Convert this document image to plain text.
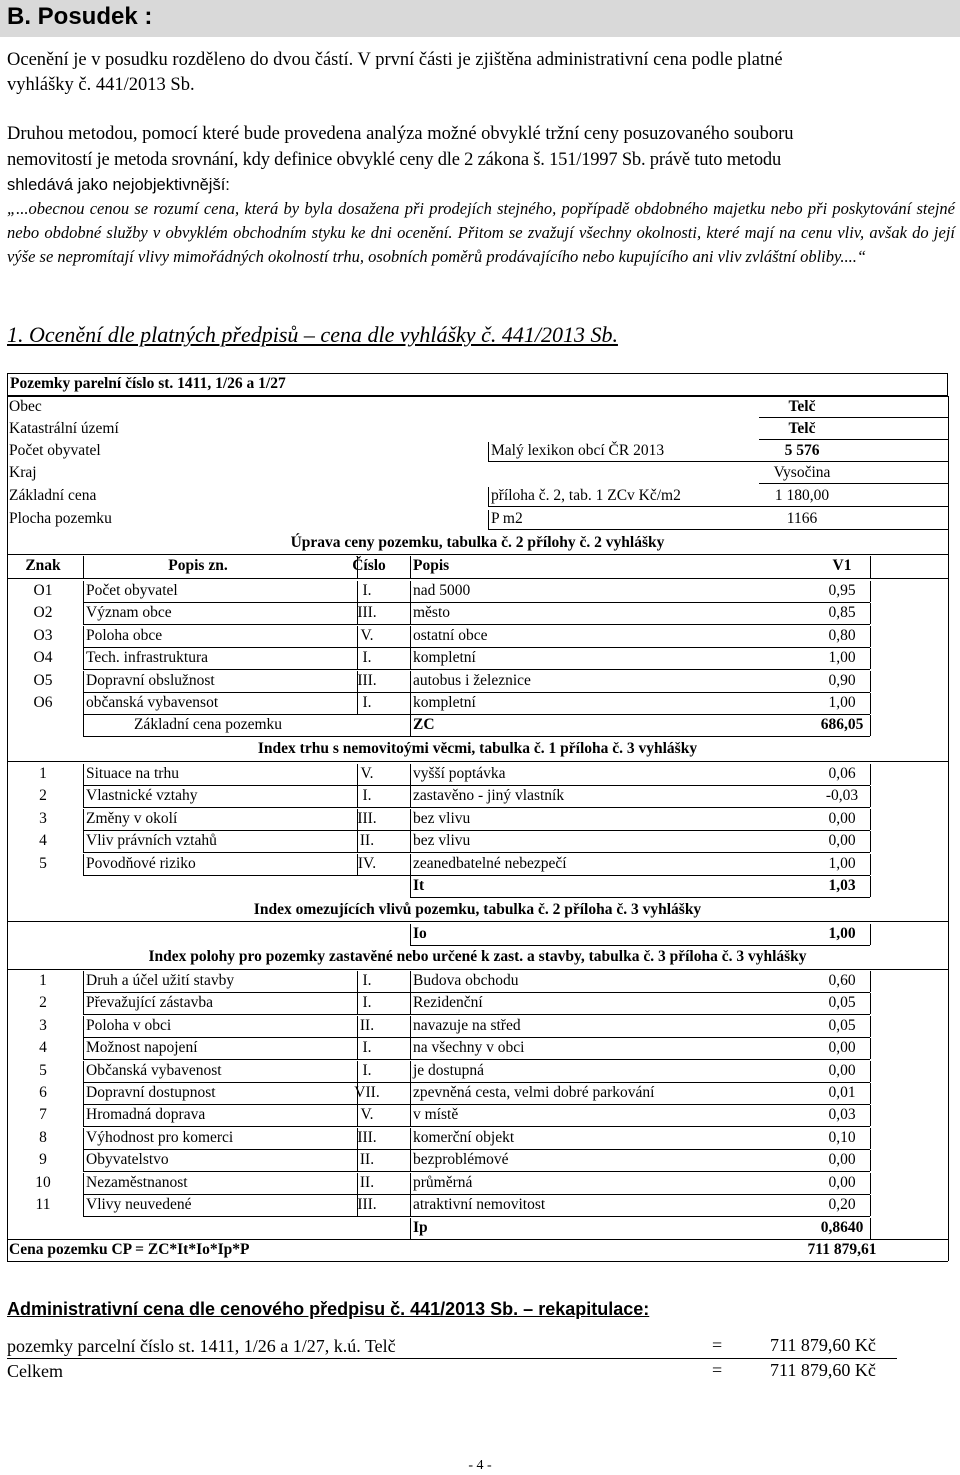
B. Posudek :

Ocenění je v posudku rozděleno do dvou částí. V první části je zjištěna administrativní cena podle platné

vyhlášky č. 441/2013 Sb.

Druhou metodou, pomocí které bude provedena analýza možné obvyklé tržní ceny posuzovaného souboru

nemovitostí je metoda srovnání, kdy definice obvyklé ceny dle 2 zákona š. 151/1997 Sb. právě tuto metodu

shledává jako nejobjektivnější:

„...obecnou cenou se rozumí cena, která by byla dosažena při prodejích stejného, popřípadě obdobného majetku nebo při poskytování stejné nebo obdobné služby v obvyklém obchodním styku ke dni ocenění. Přitom se zvažují všechny okolnosti, které mají na cenu vliv, avšak do její výše se nepromítají vlivy mimořádných okolností trhu, osobních poměrů prodávajícího nebo kupujícího ani vliv zvláštní obliby....“
1. Ocenění dle platných předpisů – cena dle vyhlášky č. 441/2013 Sb.
Pozemky parelní číslo st. 1411, 1/26 a 1/27
Obec	Telč
Katastrální území	Telč
Počet obyvatel	Malý lexikon obcí ČR 2013	5 576
Kraj	Vysočina
Základní cena	příloha č. 2, tab. 1 ZCv Kč/m2	1 180,00
Plocha pozemku	P m2	1166
Úprava ceny pozemku, tabulka č. 2 přílohy č. 2 vyhlášky
Znak	Popis zn.	Číslo	Popis	V1
O1	Počet obyvatel	I.	nad 5000	0,95
O2	Význam obce	III.	město	0,85
O3	Poloha obce	V.	ostatní obce	0,80
O4	Tech. infrastruktura	I.	kompletní	1,00
O5	Dopravní obslužnost	III.	autobus i železnice	0,90
O6	občanská vybavensot	I.	kompletní	1,00
Základní cena pozemku	ZC	686,05
Index trhu s nemovitoými věcmi, tabulka č. 1 příloha č. 3 vyhlášky
1	Situace na trhu	V.	vyšší poptávka	0,06
2	Vlastnické vztahy	I.	zastavěno - jiný vlastník	-0,03
3	Změny v okolí	III.	bez vlivu	0,00
4	Vliv právních vztahů	II.	bez vlivu	0,00
5	Povodňové riziko	IV.	zeanedbatelné nebezpečí	1,00
It	1,03
Index omezujících vlivů pozemku, tabulka č. 2 příloha č. 3 vyhlášky
Io	1,00
Index polohy pro pozemky zastavěné nebo určené k zast. a stavby, tabulka č. 3 příloha č. 3 vyhlášky
1	Druh a účel užití stavby	I.	Budova obchodu	0,60
2	Převažující zástavba	I.	Rezidenční	0,05
3	Poloha v obci	II.	navazuje na střed	0,05
4	Možnost napojení	I.	na všechny v obci	0,00
5	Občanská vybavenost	I.	je dostupná	0,00
6	Dopravní dostupnost	VII.	zpevněná cesta, velmi dobré parkování	0,01
7	Hromadná doprava	V.	v místě	0,03
8	Výhodnost pro komerci	III.	komerční objekt	0,10
9	Obyvatelstvo	II.	bezproblémové	0,00
10	Nezaměstnanost	II.	průměrná	0,00
11	Vlivy neuvedené	III.	atraktivní nemovitost	0,20
Ip	0,8640
Cena pozemku CP = ZC*It*Io*Ip*P	711 879,61
Administrativní cena dle cenového předpisu č. 441/2013 Sb. – rekapitulace:
pozemky parcelní číslo st. 1411, 1/26 a 1/27, k.ú. Telč	=	711 879,60 Kč
Celkem	=	711 879,60 Kč
- 4 -
